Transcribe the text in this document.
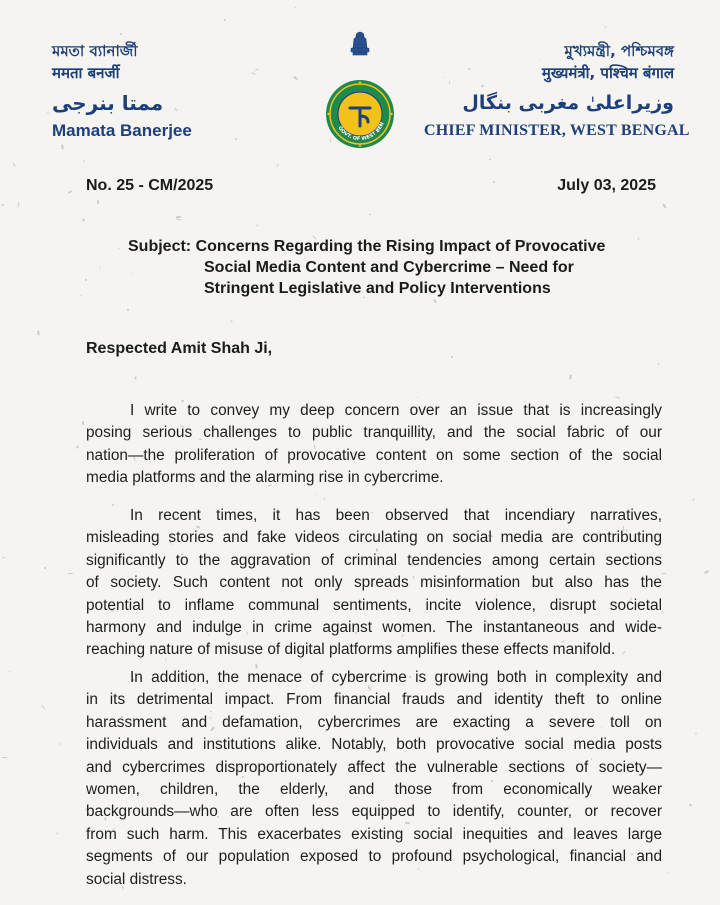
মমতা ব্যানার্জী
ममता बनर्जी
ممتا بنرجی
Mamata Banerjee	GOVT. OF WEST BEN
মুখ্যমন্ত্রী, পশ্চিমবঙ্গ
मुख्यमंत्री, पश्चिम बंगाल
وزیراعلیٰ مغربی بنگال
CHIEF MINISTER, WEST BENGAL
No. 25 - CM/2025	July 03, 2025
Subject: Concerns Regarding the Rising Impact of Provocative
Social Media Content and Cybercrime – Need for
Stringent Legislative and Policy Interventions
Respected Amit Shah Ji,
I write to convey my deep concern over an issue that is increasingly
posing serious challenges to public tranquillity, and the social fabric of our
nation—the proliferation of provocative content on some section of the social
media platforms and the alarming rise in cybercrime.
In recent times, it has been observed that incendiary narratives,
misleading stories and fake videos circulating on social media are contributing
significantly to the aggravation of criminal tendencies among certain sections
of society. Such content not only spreads misinformation but also has the
potential to inflame communal sentiments, incite violence, disrupt societal
harmony and indulge in crime against women. The instantaneous and wide-
reaching nature of misuse of digital platforms amplifies these effects manifold.
In addition, the menace of cybercrime is growing both in complexity and
in its detrimental impact. From financial frauds and identity theft to online
harassment and defamation, cybercrimes are exacting a severe toll on
individuals and institutions alike. Notably, both provocative social media posts
and cybercrimes disproportionately affect the vulnerable sections of society—
women, children, the elderly, and those from economically weaker
backgrounds—who are often less equipped to identify, counter, or recover
from such harm. This exacerbates existing social inequities and leaves large
segments of our population exposed to profound psychological, financial and
social distress.
